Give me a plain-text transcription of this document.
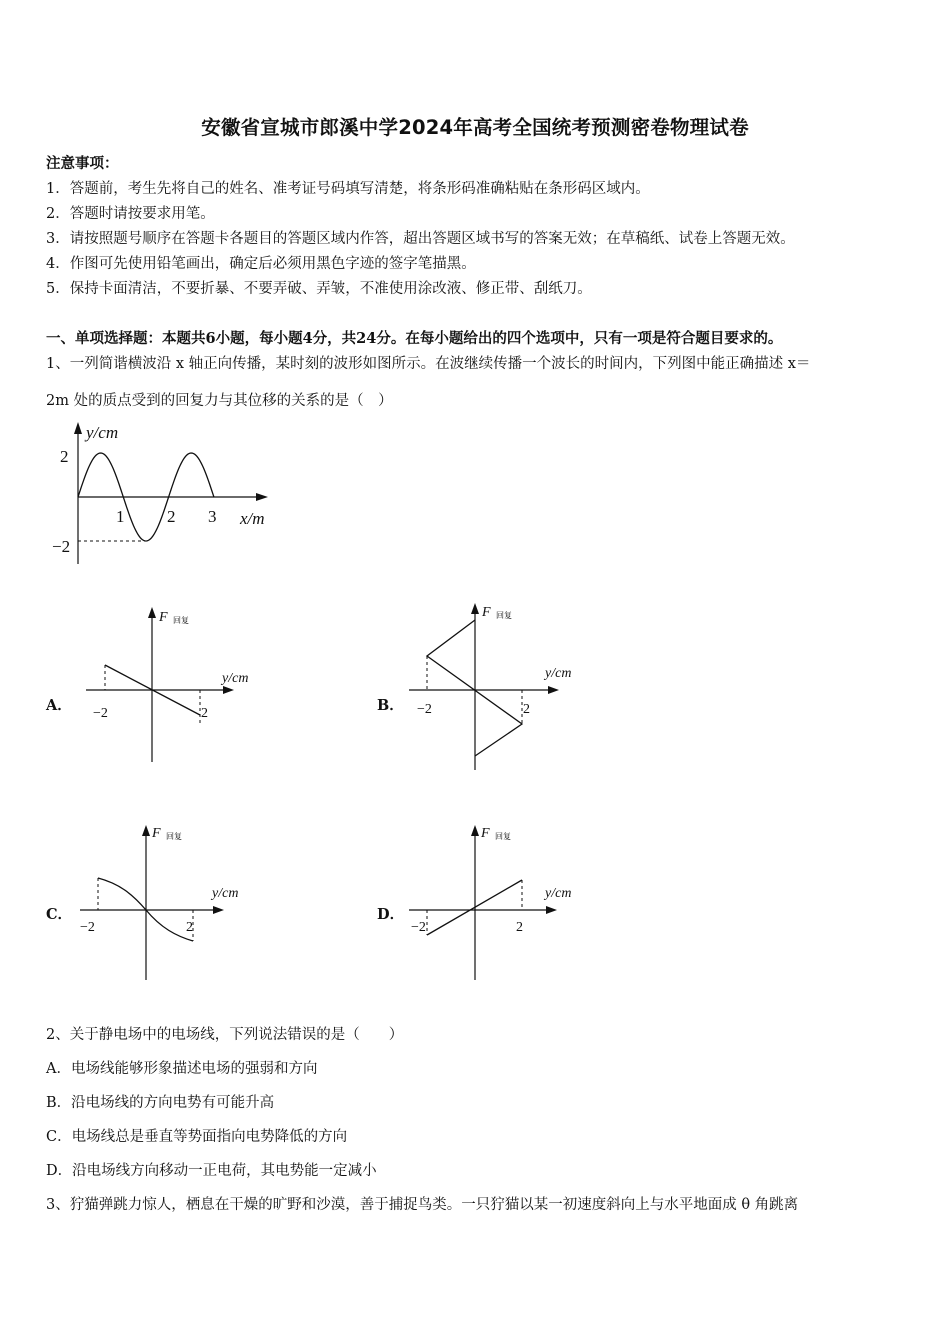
安徽省宣城市郎溪中学2024年高考全国统考预测密卷物理试卷
注意事项：
1．答题前，考生先将自己的姓名、准考证号码填写清楚，将条形码准确粘贴在条形码区域内。
2．答题时请按要求用笔。
3．请按照题号顺序在答题卡各题目的答题区域内作答，超出答题区域书写的答案无效；在草稿纸、试卷上答题无效。
4．作图可先使用铅笔画出，确定后必须用黑色字迹的签字笔描黑。
5．保持卡面清洁，不要折暴、不要弄破、弄皱，不准使用涂改液、修正带、刮纸刀。
一、单项选择题：本题共6小题，每小题4分，共24分。在每小题给出的四个选项中，只有一项是符合题目要求的。
1、一列简谐横波沿 x 轴正向传播，某时刻的波形如图所示。在波继续传播一个波长的时间内，下列图中能正确描述 x＝
2m 处的质点受到的回复力与其位移的关系的是（　）
y/cm
x/m
2
−2
1	2 3
A．
F 回复
y/cm
−2	2	B．
F 回复
y/cm
−2	2
C．
F 回复
y/cm
−2	2
D．
F 回复
y/cm
−2	2
2、关于静电场中的电场线，下列说法错误的是（　　）
A．电场线能够形象描述电场的强弱和方向
B．沿电场线的方向电势有可能升高
C．电场线总是垂直等势面指向电势降低的方向
D．沿电场线方向移动一正电荷，其电势能一定减小
3、狞猫弹跳力惊人，栖息在干燥的旷野和沙漠，善于捕捉鸟类。一只狞猫以某一初速度斜向上与水平地面成 θ 角跳离
